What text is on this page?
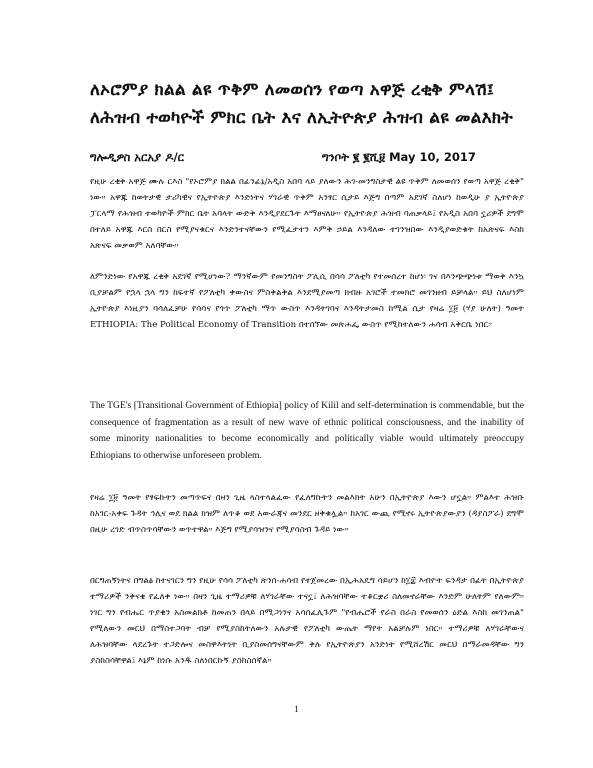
ለኦሮምያ ክልል ልዩ ጥቅም ለመወሰን የወጣ አዋጅ ረቂቅ ምላሽ፤ ለሕዝብ ተወካዮች ምክር ቤት እና ለኢትዮጵያ ሕዝብ ልዩ መልእክት
ግሎዲዎስ አርአያ ዶ/ር	ግንቦት ፪ ፪ሺ፱ May 10, 2017

የዚሁ ረቂቅ አዋጅ ሙሉ ርእስ "የኦሮምያ ክልል በፊንፊኔ/አዲስ አበባ ላይ ያለውን ሕገ-መንግስታዊ ልዩ ጥቅም ለመወሰን የወጣ አዋጅ ረቂቅ" ነው። አዋጁ ከወትታዊ ታሪካዊና የኢትዮጵያ እንድነትና ሃገራዊ ጥቅም አንፃር ሲታይ እጅግ በጣም አደገኛ ስለሆነ ከወዲሁ ያ ኢትዮጵያ ፓርላማ የሕዝብ ተወካዮች ምክር ቤት አባላት ውድቅ እንዲያደርጉት እማፀናለሁ። የኢትዮጵያ ሕዝብ ባጠቃላይ፤ የአዲስ አበባ ኗሪዎች ደግሞ በተለይ አዋጁ እርስ በርስ የሚያናቁርና እንድንተናቸውን የሚፈታተን እምቅ ኃይል እንዳለው ተገንዝበው እንዲያወድቁት ከአጽናፍ እስከ አጽናፍ መቃወም አለባቸው።

ለምንድነው የአዋጁ ረቂቅ አደገኛ የሚሆነው? ማንኛውም የመንግስት ፖሊሲ በሳሳ ፖለቲካ የተመሰረተ ከሆነ፡ ገና በእንጭጭነቱ ማወቅ እንኳ ቢያቻልም የኋላ ኋላ ግን ከፍተኛ የፖለቲካ ቀውስና ምስቅልቅል እንደሚያመጣ ክብዙ አገሮች ተመክሮ መገንዘብ ይቻላል። ይህ ስለሆነም ኢትዮጵያ እነዚያን ባሳለፈቻሁ የሳሳና የጎጥ ፖለቲካ ማጥ ውስጥ እንዳትገባና እንዳትታመስ ከሚል ሲታ የዛሬ ፲፱ (ሃያ ሁለት) ዓመት ETHIOPIA: The Political Economy of Transition በተሰኘው መጽሐፌ ውስጥ የሚከተለውን ሐሳብ አቅርቤ ነበር፦

The TGE's [Transitional Government of Ethiopia] policy of Kilil and self-determination is commendable, but the consequence of fragmentation as a result of new wave of ethnic political consciousness, and the inability of some minority nationalities to become economically and politically viable would ultimately preoccupy Ethiopians to otherwise unforeseen problem.

የዛሬ ፲፱ ዓመት የፃፍኩትን መጣጥፍና በዛን ጊዜ ላስተላልፈው የፈለግኩትን መልእክት አሁን በኢትዮጵያ እውን ሆኗል። ምልእተ ሕዝቡ ከአገር-አቀፍ ጉዳት ኅሊና ወደ ክልል ክዝም ለጥቆ ወደ አውራጃና መንደር ዘቅቁሏል። ከአገር ውጪ የሚኖሩ ኢትዮጵያውያን (ዳያስፖራ) ደግሞ በዚሁ ረገድ ብጥስጥሳቸውን ወጥተዋል። እጅግ የሚያሳዝንና የሚያሳስብ ጉዳይ ነው።

በርግጠኝነትና በግልፅ ከተናገርን ግን የዚሁ የሳሳ ፖለቲካ ጽንሰ-ሐሳብ የተጀመረው በኢሕአዴግ ሳይሆን ከ፲፰ እብዮት ፍንዳታ በፊት በኢትዮጵያ ተማሪዎች ንቅናቄ የፈለቀ ነው። በዛን ጊዜ ተማሪዎቹ ለሃገራቸው ተናኗ፤ ለሕዝባቸው ተቆርቋሪ ስለመኖራቸው እንድም ሁለትም የለውም። ነገር ግን የብሔር ጥያቄን አስመልክቶ ከመጠን በላይ በሚጋነንና አሳሰፈሊጉም "የብሔሮች የራስ በራስ የመወሰን ዕድል እስከ መገንጠል" የሚለውን መርህ በማስተጋባት ብቻ የሚያስከትለውን አሉታዊ የፖለቲካ ውጤት ማየት አልቻሉም ነበር። ተማሪዎቹ ለሃገራቸውና ለሕዝባቸው ላደረጉት ተጋድሎና መስዋእትነት ቢያስመሰግናቸውም ቅሉ የኢትዮጵያን አንድነት የሚሸረሽር መርህ በማራመዳቸው ግን ያስከስሳቸዋል፤ እኔም ከነሱ አንዱ ስለነበርኩኝ ያስከስሰኛል።

1
